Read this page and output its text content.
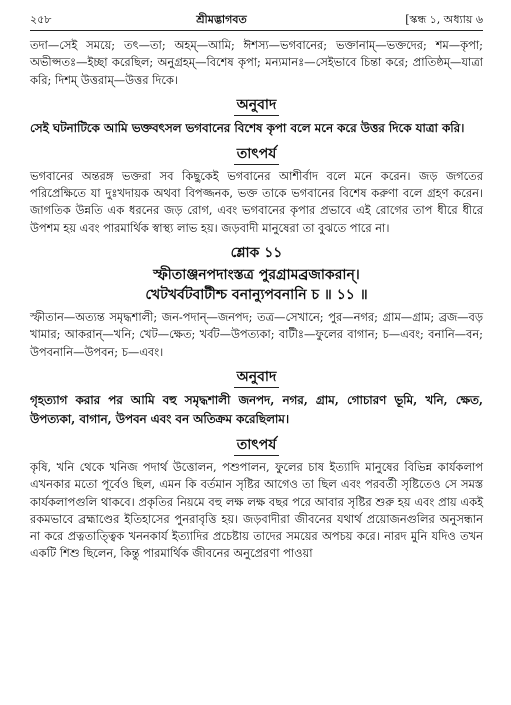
২৫৮	শ্রীমদ্ভাগবত	[স্কন্ধ ১, অধ্যায় ৬

তদা—সেই সময়ে; তৎ—তা; অহম্—আমি; ঈশস্য—ভগবানের; ভক্তানাম্—ভক্তদের; শম—কৃপা; অভীপ্সতঃ—ইচ্ছা করেছিল; অনুগ্রহম্—বিশেষ কৃপা; মন্যমানঃ—সেইভাবে চিন্তা করে; প্রাতিষ্ঠম্—যাত্রা করি; দিশম্ উত্তরাম্—উত্তর দিকে।

অনুবাদ

সেই ঘটনাটিকে আমি ভক্তবৎসল ভগবানের বিশেষ কৃপা বলে মনে করে উত্তর দিকে যাত্রা করি।

তাৎপর্য

ভগবানের অন্তরঙ্গ ভক্তরা সব কিছুকেই ভগবানের আশীর্বাদ বলে মনে করেন। জড় জগতের পরিপ্রেক্ষিতে যা দুঃখদায়ক অথবা বিপজ্জনক, ভক্ত তাকে ভগবানের বিশেষ করুণা বলে গ্রহণ করেন। জাগতিক উন্নতি এক ধরনের জড় রোগ, এবং ভগবানের কৃপার প্রভাবে এই রোগের তাপ ধীরে ধীরে উপশম হয় এবং পারমার্থিক স্বাস্থ্য লাভ হয়। জড়বাদী মানুষেরা তা বুঝতে পারে না।

শ্লোক ১১
স্ফীতাঞ্জনপদাংস্তত্র পুরগ্রামব্রজাকরান্।
খেটখর্বটবাটীশ্চ বনান্যুপবনানি চ ॥ ১১ ॥

স্ফীতান—অত্যন্ত সমৃদ্ধশালী; জন-পদান্—জনপদ; তত্র—সেখানে; পুর—নগর; গ্রাম—গ্রাম; ব্রজ—বড় খামার; আকরান্—খনি; খেট—ক্ষেত; খর্বট—উপত্যকা; বাটীঃ—ফুলের বাগান; চ—এবং; বনানি—বন; উপবনানি—উপবন; চ—এবং।

অনুবাদ

গৃহত্যাগ করার পর আমি বহু সমৃদ্ধশালী জনপদ, নগর, গ্রাম, গোচারণ ভূমি, খনি, ক্ষেত, উপত্যকা, বাগান, উপবন এবং বন অতিক্রম করেছিলাম।

তাৎপর্য

কৃষি, খনি থেকে খনিজ পদার্থ উত্তোলন, পশুপালন, ফুলের চাষ ইত্যাদি মানুষের বিভিন্ন কার্যকলাপ এখনকার মতো পূর্বেও ছিল, এমন কি বর্তমান সৃষ্টির আগেও তা ছিল এবং পরবর্তী সৃষ্টিতেও সে সমস্ত কার্যকলাপগুলি থাকবে। প্রকৃতির নিয়মে বহু লক্ষ লক্ষ বছর পরে আবার সৃষ্টির শুরু হয় এবং প্রায় একই রকমভাবে ব্রহ্মাণ্ডের ইতিহাসের পুনরাবৃত্তি হয়। জড়বাদীরা জীবনের যথার্থ প্রয়োজনগুলির অনুসন্ধান না করে প্রত্নতাত্ত্বিক খননকার্য ইত্যাদির প্রচেষ্টায় তাদের সময়ের অপচয় করে। নারদ মুনি যদিও তখন একটি শিশু ছিলেন, কিন্তু পারমার্থিক জীবনের অনুপ্রেরণা পাওয়া
